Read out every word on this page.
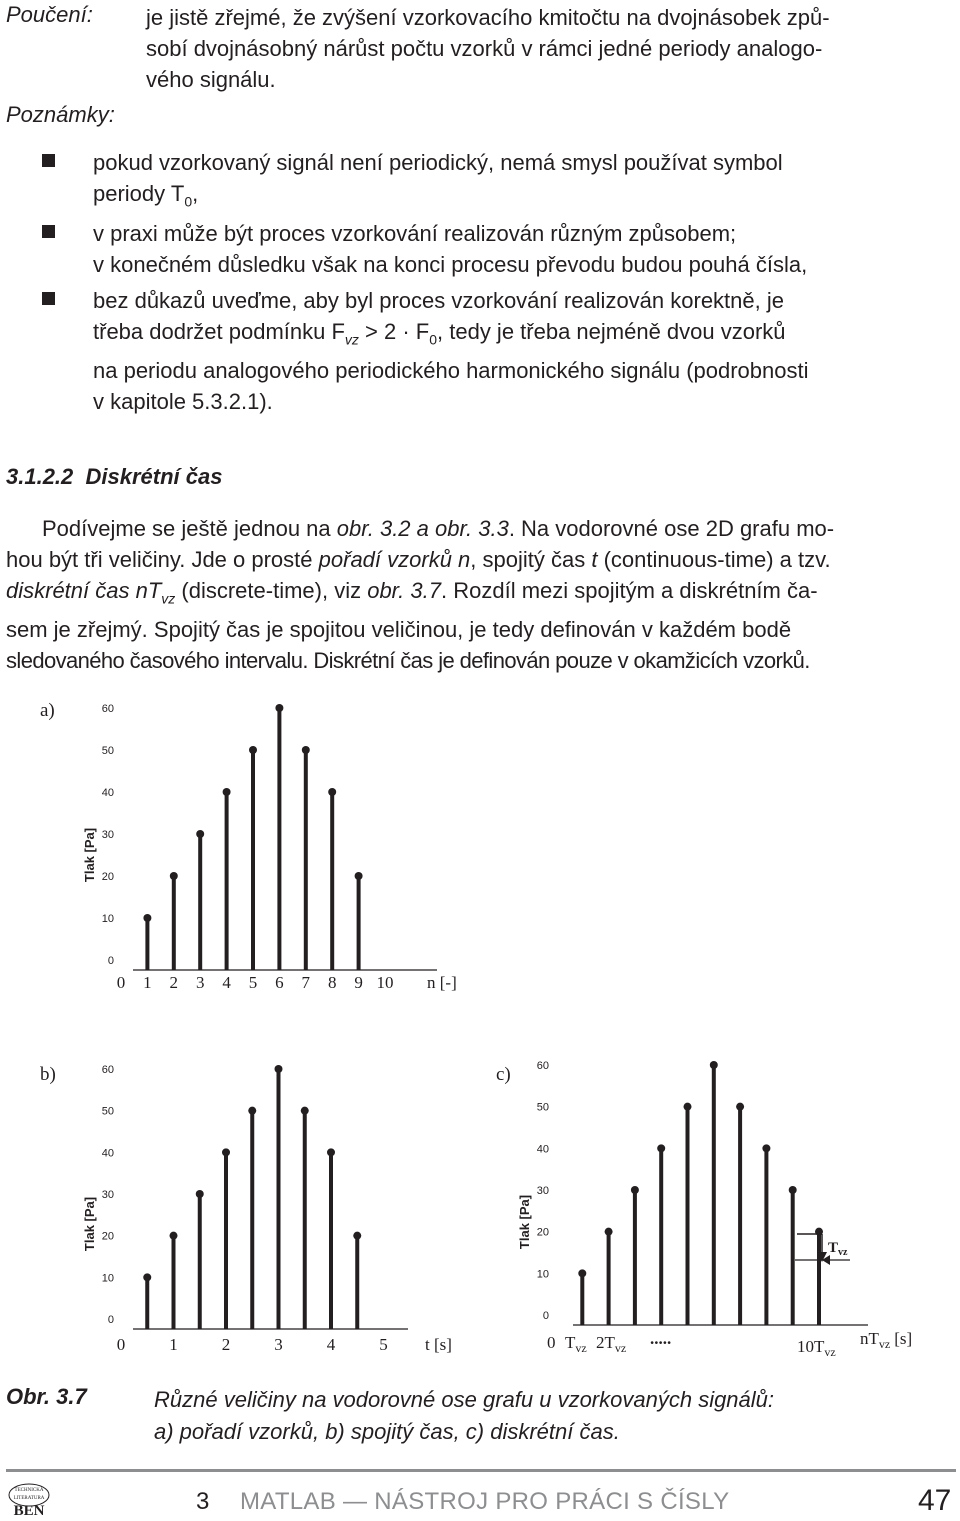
Poučení: je jistě zřejmé, že zvýšení vzorkovacího kmitočtu na dvojnásobek způ-
sobí dvojnásobný nárůst počtu vzorků v rámci jedné periody analogo-
vého signálu.
Poznámky:
pokud vzorkovaný signál není periodický, nemá smysl používat symbol
periody $T_0$,
v praxi může být proces vzorkování realizován různým způsobem;
v konečném důsledku však na konci procesu převodu budou pouhá čísla,
bez důkazů uveďme, aby byl proces vzorkování realizován korektně, je
třeba dodržet podmínku $F_{vz} > 2 \cdot F_0$, tedy je třeba nejméně dvou vzorků
na periodu analogového periodického harmonického signálu (podrobnosti
v kapitole 5.3.2.1).
3.1.2.2 Diskrétní čas
Podívejme se ještě jednou na obr. 3.2 a obr. 3.3. Na vodorovné ose 2D grafu mo-
hou být tři veličiny. Jde o prosté pořadí vzorků n, spojitý čas t (continuous-time) a tzv.
diskrétní čas $nT_{vz}$ (discrete-time), viz obr. 3.7. Rozdíl mezi spojitým a diskrétním ča-
sem je zřejmý. Spojitý čas je spojitou veličinou, je tedy definován v každém bodě
sledovaného časového intervalu. Diskrétní čas je definován pouze v okamžicích vzorků.
a)
Tlak [Pa]
n [-]
60
50
40
30
20
10
0
0 1 2 3 4 5 6 7 8 9 10
b)
Tlak [Pa]
t [s]
60
50
40
30
20
10
0
0	1	2	3	4	5
c)
Tlak [Pa]
60
50
40
30
20
10
0
0 $T_{vz}$ $2T_{vz}$ .....	$10T_{vz}$
$nT_{vz}$ [s]
$T_{vz}$
Obr. 3.7	Různé veličiny na vodorovné ose grafu u vzorkovaných signálů:
a) pořadí vzorků, b) spojitý čas, c) diskrétní čas.
TECHNICKÁ
LITERATURA
BEN	3 MATLAB — NÁSTROJ PRO PRÁCI S ČÍSLY	47
